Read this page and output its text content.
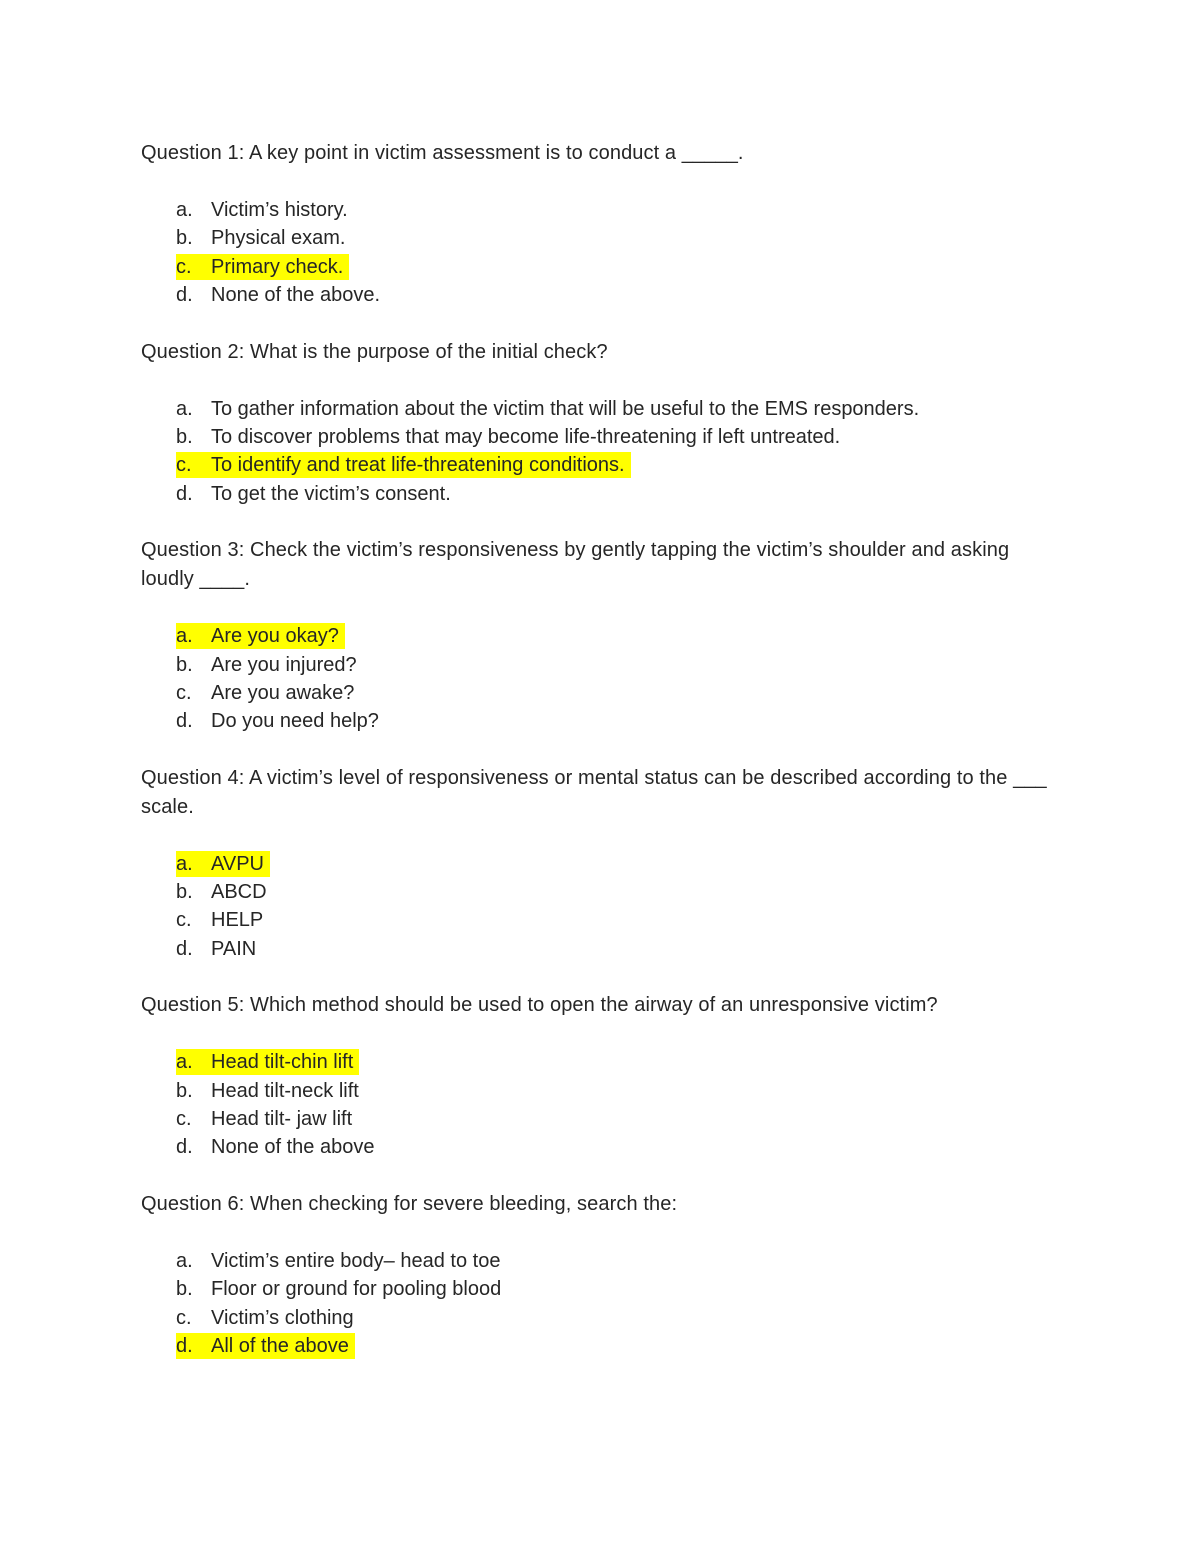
Question 1: A key point in victim assessment is to conduct a _____.

a. Victim’s history.
b. Physical exam.
c. Primary check.
d. None of the above.

Question 2: What is the purpose of the initial check?

a. To gather information about the victim that will be useful to the EMS responders.
b. To discover problems that may become life-threatening if left untreated.
c. To identify and treat life-threatening conditions.
d. To get the victim’s consent.

Question 3: Check the victim’s responsiveness by gently tapping the victim’s shoulder and asking loudly ____.

a. Are you okay?
b. Are you injured?
c. Are you awake?
d. Do you need help?

Question 4: A victim’s level of responsiveness or mental status can be described according to the ___ scale.

a. AVPU
b. ABCD
c. HELP
d. PAIN

Question 5: Which method should be used to open the airway of an unresponsive victim?

a. Head tilt-chin lift
b. Head tilt-neck lift
c. Head tilt- jaw lift
d. None of the above

Question 6: When checking for severe bleeding, search the:

a. Victim’s entire body– head to toe
b. Floor or ground for pooling blood
c. Victim’s clothing
d. All of the above
